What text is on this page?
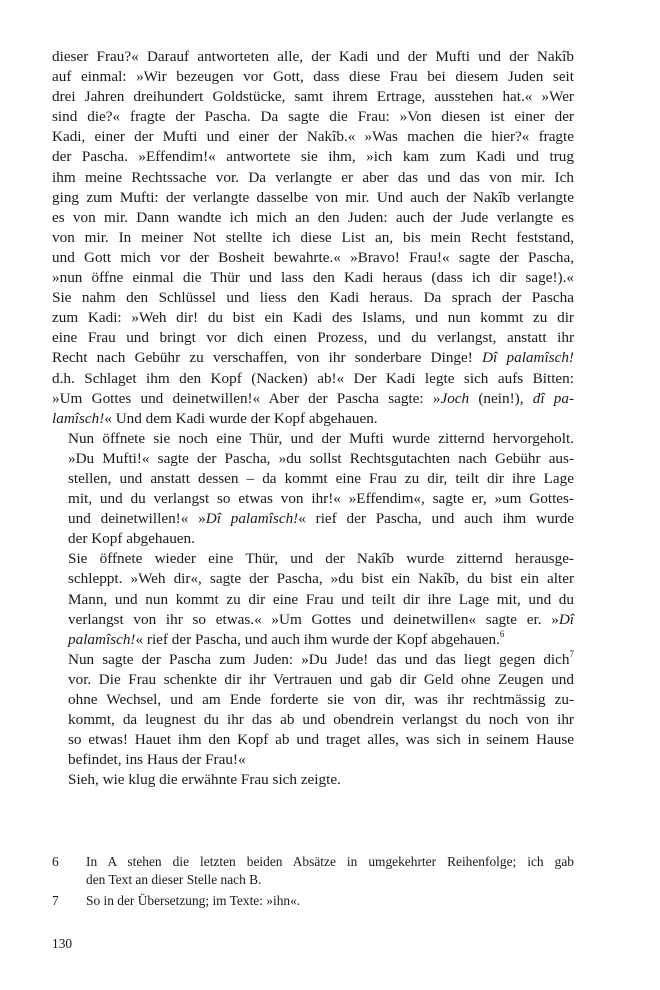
dieser Frau?« Darauf antworteten alle, der Kadi und der Mufti und der Nakîb
auf einmal: »Wir bezeugen vor Gott, dass diese Frau bei diesem Juden seit
drei Jahren dreihundert Goldstücke, samt ihrem Ertrage, ausstehen hat.« »Wer
sind die?« fragte der Pascha. Da sagte die Frau: »Von diesen ist einer der
Kadi, einer der Mufti und einer der Nakîb.« »Was machen die hier?« fragte
der Pascha. »Effendim!« antwortete sie ihm, »ich kam zum Kadi und trug
ihm meine Rechtssache vor. Da verlangte er aber das und das von mir. Ich
ging zum Mufti: der verlangte dasselbe von mir. Und auch der Nakîb verlangte
es von mir. Dann wandte ich mich an den Juden: auch der Jude verlangte es
von mir. In meiner Not stellte ich diese List an, bis mein Recht feststand,
und Gott mich vor der Bosheit bewahrte.« »Bravo! Frau!« sagte der Pascha,
»nun öffne einmal die Thür und lass den Kadi heraus (dass ich dir sage!).«
Sie nahm den Schlüssel und liess den Kadi heraus. Da sprach der Pascha
zum Kadi: »Weh dir! du bist ein Kadi des Islams, und nun kommt zu dir
eine Frau und bringt vor dich einen Prozess, und du verlangst, anstatt ihr
Recht nach Gebühr zu verschaffen, von ihr sonderbare Dinge! Dî palamîsch!
d.h. Schlaget ihm den Kopf (Nacken) ab!« Der Kadi legte sich aufs Bitten:
»Um Gottes und deinetwillen!« Aber der Pascha sagte: »Joch (nein!), dî pa-
lamîsch!« Und dem Kadi wurde der Kopf abgehauen.

Nun öffnete sie noch eine Thür, und der Mufti wurde zitternd hervorgeholt.
»Du Mufti!« sagte der Pascha, »du sollst Rechtsgutachten nach Gebühr aus-
stellen, und anstatt dessen – da kommt eine Frau zu dir, teilt dir ihre Lage
mit, und du verlangst so etwas von ihr!« »Effendim«, sagte er, »um Gottes-
und deinetwillen!« »Dî palamîsch!« rief der Pascha, und auch ihm wurde
der Kopf abgehauen.

Sie öffnete wieder eine Thür, und der Nakîb wurde zitternd herausge-
schleppt. »Weh dir«, sagte der Pascha, »du bist ein Nakîb, du bist ein alter
Mann, und nun kommt zu dir eine Frau und teilt dir ihre Lage mit, und du
verlangst von ihr so etwas.« »Um Gottes und deinetwillen« sagte er. »Dî
palamîsch!« rief der Pascha, und auch ihm wurde der Kopf abgehauen.$^6$

Nun sagte der Pascha zum Juden: »Du Jude! das und das liegt gegen dich$^7$
vor. Die Frau schenkte dir ihr Vertrauen und gab dir Geld ohne Zeugen und
ohne Wechsel, und am Ende forderte sie von dir, was ihr rechtmässig zu-
kommt, da leugnest du ihr das ab und obendrein verlangst du noch von ihr
so etwas! Hauet ihm den Kopf ab und traget alles, was sich in seinem Hause
befindet, ins Haus der Frau!«

Sieh, wie klug die erwähnte Frau sich zeigte.

6 In A stehen die letzten beiden Absätze in umgekehrter Reihenfolge; ich gab
den Text an dieser Stelle nach B.
7 So in der Übersetzung; im Texte: »ihn«.
130
